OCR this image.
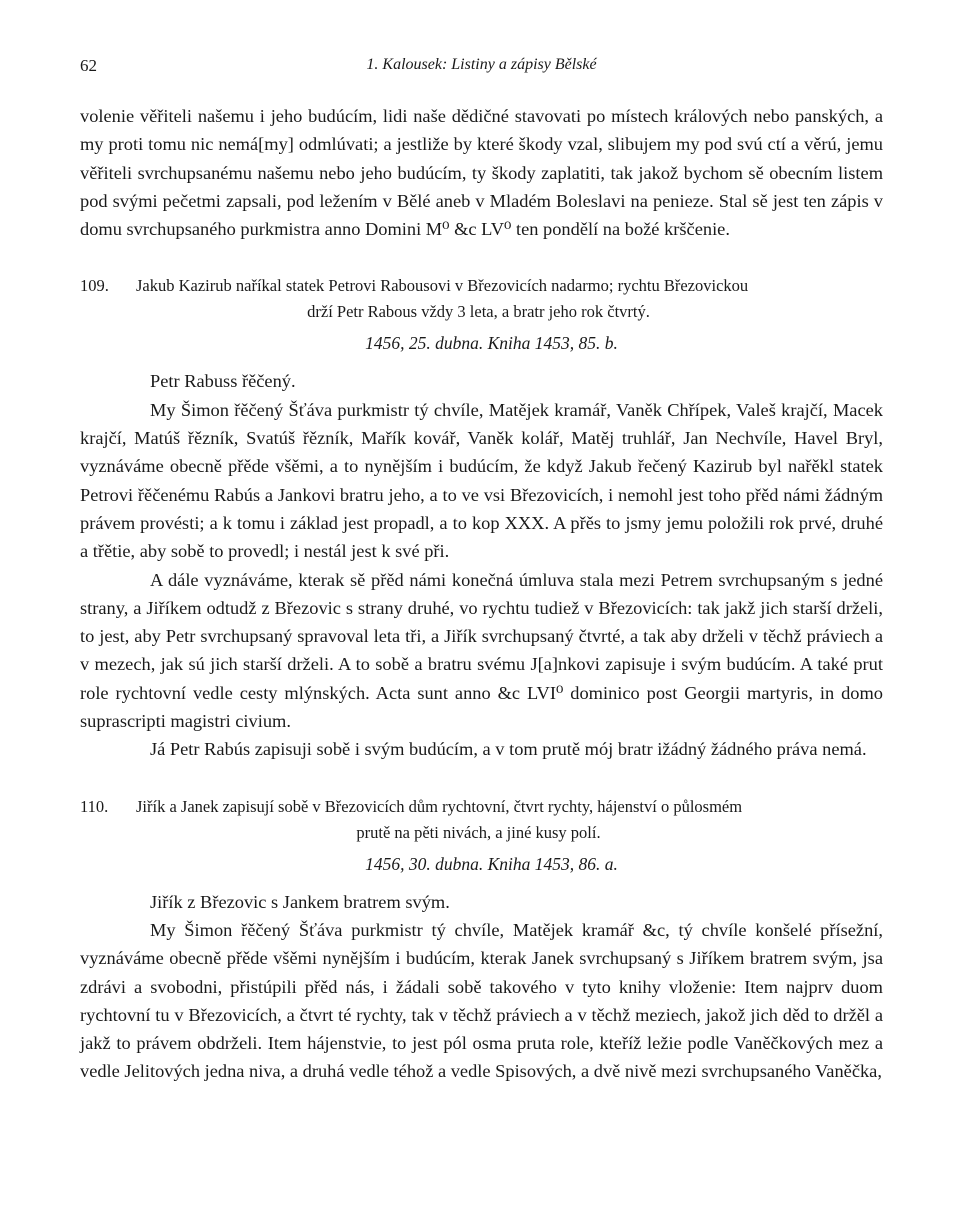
62	1. Kalousek: Listiny a zápisy Bělské

volenie věřiteli našemu i jeho budúcím, lidi naše dědičné stavovati po místech králových nebo panských, a my proti tomu nic nemá[my] odmlúvati; a jestliže by které škody vzal, slibujem my pod svú ctí a věrú, jemu věřiteli svrchupsanému našemu nebo jeho budúcím, ty škody zaplatiti, tak jakož bychom sě obecním listem pod svými pečetmi zapsali, pod ležením v Bělé aneb v Mladém Boleslavi na penieze. Stal sě jest ten zápis v domu svrchupsaného purkmistra anno Domini M⁰ &c LV⁰ ten pondělí na božé krščenie.

109. Jakub Kazirub naříkal statek Petrovi Rabousovi v Březovicích nadarmo; rychtu Březovickou
drží Petr Rabous vždy 3 leta, a bratr jeho rok čtvrtý.
1456, 25. dubna. Kniha 1453, 85. b.

Petr Rabuss řěčený.

My Šimon řěčený Šťáva purkmistr tý chvíle, Matějek kramář, Vaněk Chřípek, Valeš krajčí, Macek krajčí, Matúš řězník, Svatúš řězník, Mařík kovář, Vaněk kolář, Matěj truhlář, Jan Nechvíle, Havel Bryl, vyznáváme obecně přěde všěmi, a to nynějším i budúcím, že když Jakub řečený Kazirub byl nařěkl statek Petrovi řěčenému Rabús a Jankovi bratru jeho, a to ve vsi Březovicích, i nemohl jest toho přěd námi žádným právem provésti; a k tomu i základ jest propadl, a to kop XXX. A přěs to jsmy jemu položili rok prvé, druhé a třětie, aby sobě to provedl; i nestál jest k své při.

A dále vyznáváme, kterak sě přěd námi konečná úmluva stala mezi Petrem svrchupsaným s jedné strany, a Jiříkem odtudž z Březovic s strany druhé, vo rychtu tudiež v Březovicích: tak jakž jich starší drželi, to jest, aby Petr svrchupsaný spravoval leta tři, a Jiřík svrchupsaný čtvrté, a tak aby drželi v těchž práviech a v mezech, jak sú jich starší drželi. A to sobě a bratru svému J[a]nkovi zapisuje i svým budúcím. A také prut role rychtovní vedle cesty mlýnských. Acta sunt anno &c LVI⁰ dominico post Georgii martyris, in domo suprascripti magistri civium.

Já Petr Rabús zapisuji sobě i svým budúcím, a v tom prutě mój bratr ižádný žádného práva nemá.

110. Jiřík a Janek zapisují sobě v Březovicích dům rychtovní, čtvrt rychty, hájenství o půlosmém
prutě na pěti nivách, a jiné kusy polí.
1456, 30. dubna. Kniha 1453, 86. a.

Jiřík z Březovic s Jankem bratrem svým.

My Šimon řěčený Šťáva purkmistr tý chvíle, Matějek kramář &c, tý chvíle konšelé přísežní, vyznáváme obecně přěde všěmi nynějším i budúcím, kterak Janek svrchupsaný s Jiříkem bratrem svým, jsa zdrávi a svobodni, přistúpili přěd nás, i žádali sobě takového v tyto knihy vloženie: Item najprv duom rychtovní tu v Březovicích, a čtvrt té rychty, tak v těchž práviech a v těchž meziech, jakož jich děd to držěl a jakž to právem obdrželi. Item hájenstvie, to jest pól osma pruta role, kteříž ležie podle Vaněčkových mez a vedle Jelitových jedna niva, a druhá vedle téhož a vedle Spisových, a dvě nivě mezi svrchupsaného Vaněčka,
